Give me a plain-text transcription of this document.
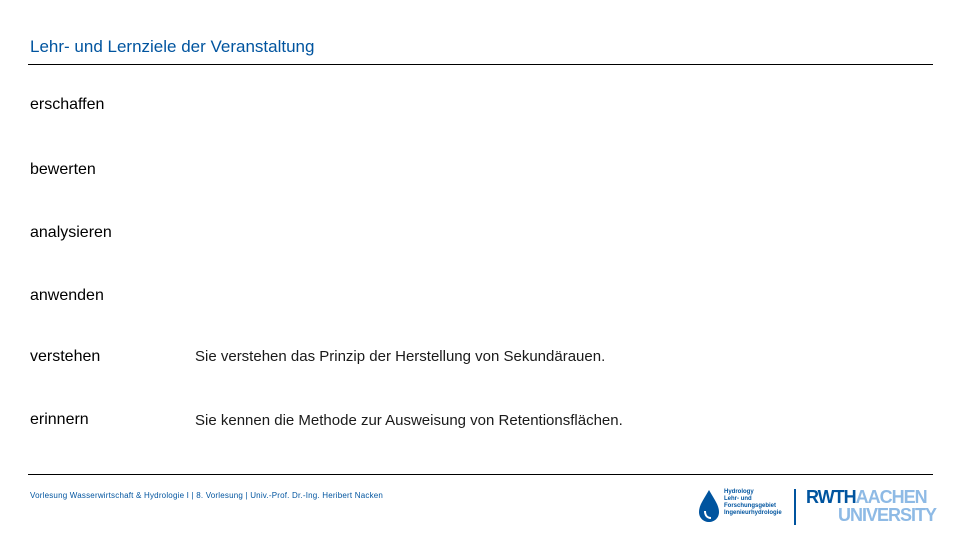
Lehr- und Lernziele der Veranstaltung
erschaffen
bewerten
analysieren
anwenden
verstehen
erinnern
Sie verstehen das Prinzip der Herstellung von Sekundärauen.
Sie kennen die Methode zur Ausweisung von Retentionsflächen.
Vorlesung Wasserwirtschaft & Hydrologie I | 8. Vorlesung | Univ.-Prof. Dr.-Ing. Heribert Nacken	Hydrology
Lehr- und
Forschungsgebiet
Ingenieurhydrologie
RWTHAACHEN
UNIVERSITY
